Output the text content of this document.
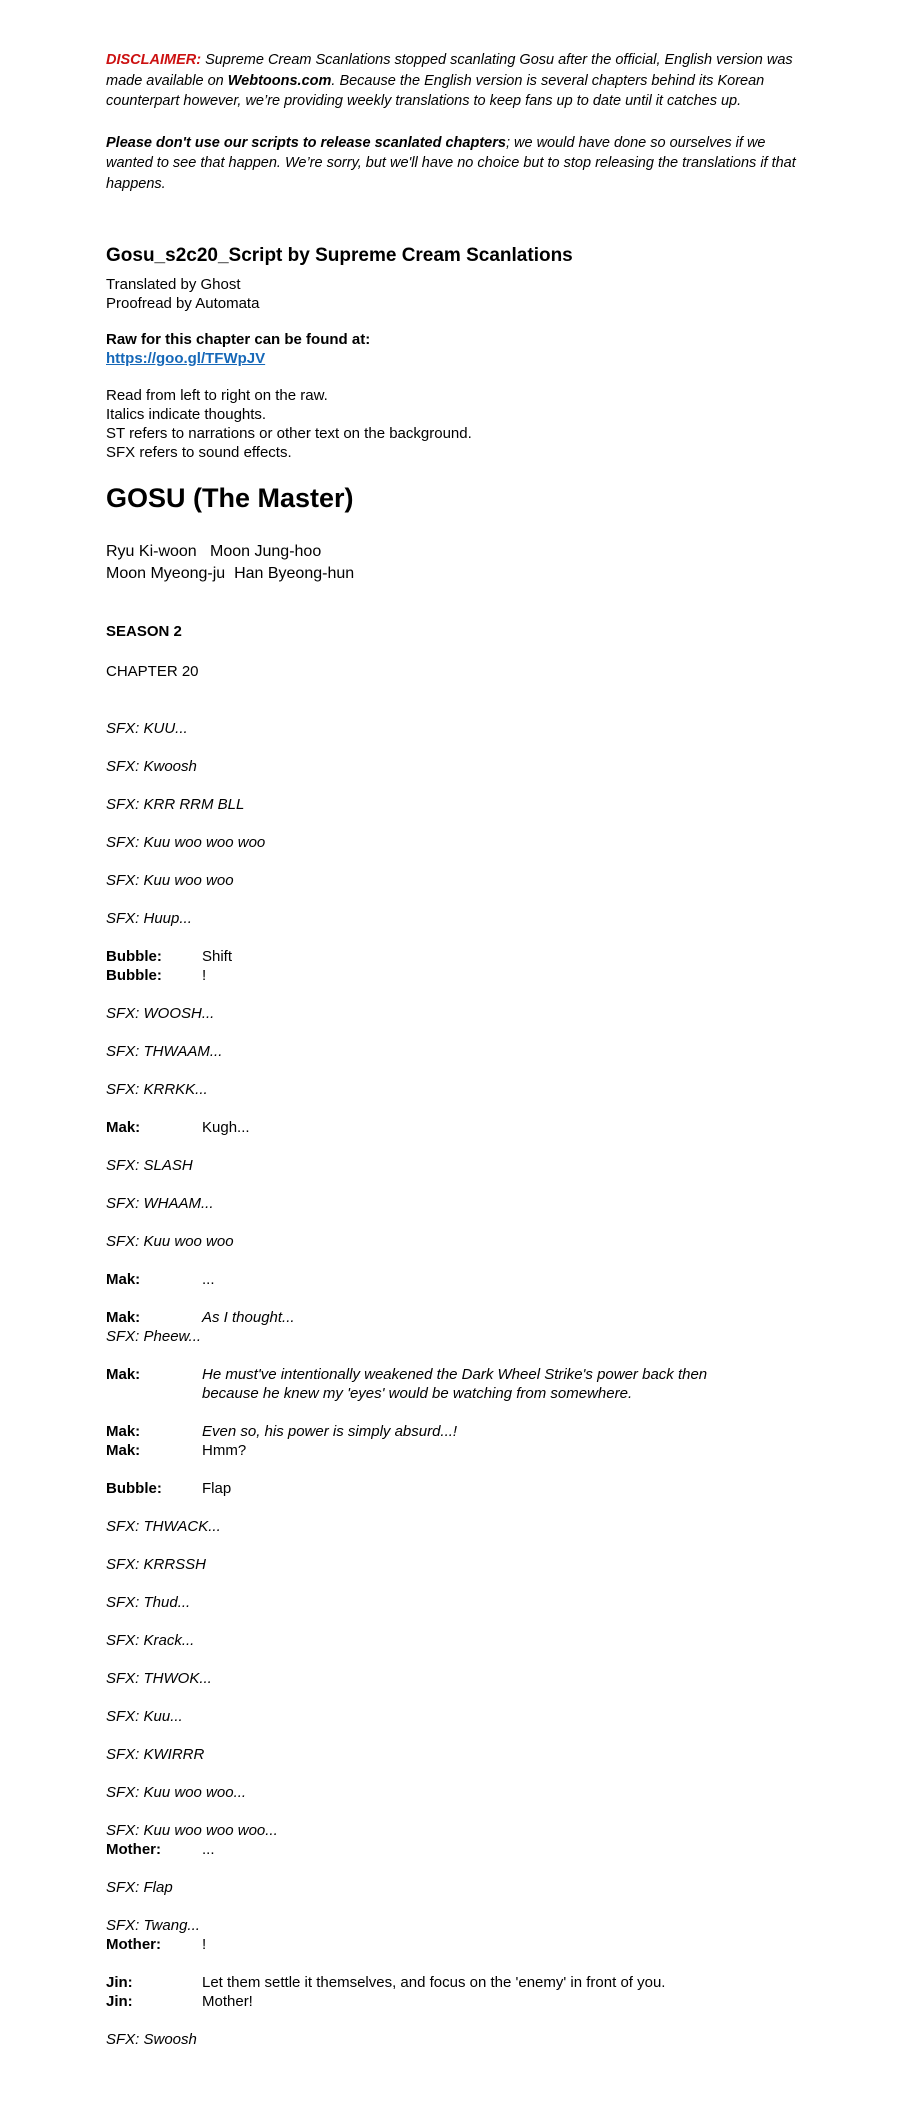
DISCLAIMER: Supreme Cream Scanlations stopped scanlating Gosu after the official, English version was made available on Webtoons.com. Because the English version is several chapters behind its Korean counterpart however, we’re providing weekly translations to keep fans up to date until it catches up.

Please don't use our scripts to release scanlated chapters; we would have done so ourselves if we wanted to see that happen. We’re sorry, but we'll have no choice but to stop releasing the translations if that happens.

Gosu_s2c20_Script by Supreme Cream Scanlations
Translated by Ghost
Proofread by Automata
Raw for this chapter can be found at:
https://goo.gl/TFWpJV
Read from left to right on the raw.
Italics indicate thoughts.
ST refers to narrations or other text on the background.
SFX refers to sound effects.
GOSU (The Master)
Ryu Ki-woon   Moon Jung-hoo
Moon Myeong-ju  Han Byeong-hun
SEASON 2
CHAPTER 20
SFX: KUU...
SFX: Kwoosh
SFX: KRR RRM BLL
SFX: Kuu woo woo woo
SFX: Kuu woo woo
SFX: Huup...
Bubble:	Shift
Bubble:	!
SFX: WOOSH...
SFX: THWAAM...
SFX: KRRKK...
Mak:	Kugh...
SFX: SLASH
SFX: WHAAM...
SFX: Kuu woo woo
Mak:	...
Mak:	As I thought...
SFX: Pheew...
Mak:	He must've intentionally weakened the Dark Wheel Strike's power back then because he knew my 'eyes' would be watching from somewhere.
Mak:	Even so, his power is simply absurd...!
Mak:	Hmm?
Bubble:	Flap
SFX: THWACK...
SFX: KRRSSH
SFX: Thud...
SFX: Krack...
SFX: THWOK...
SFX: Kuu...
SFX: KWIRRR
SFX: Kuu woo woo...
SFX: Kuu woo woo woo...
Mother:	...
SFX: Flap
SFX: Twang...
Mother:	!
Jin:	Let them settle it themselves, and focus on the 'enemy' in front of you.
Jin:	Mother!
SFX: Swoosh
